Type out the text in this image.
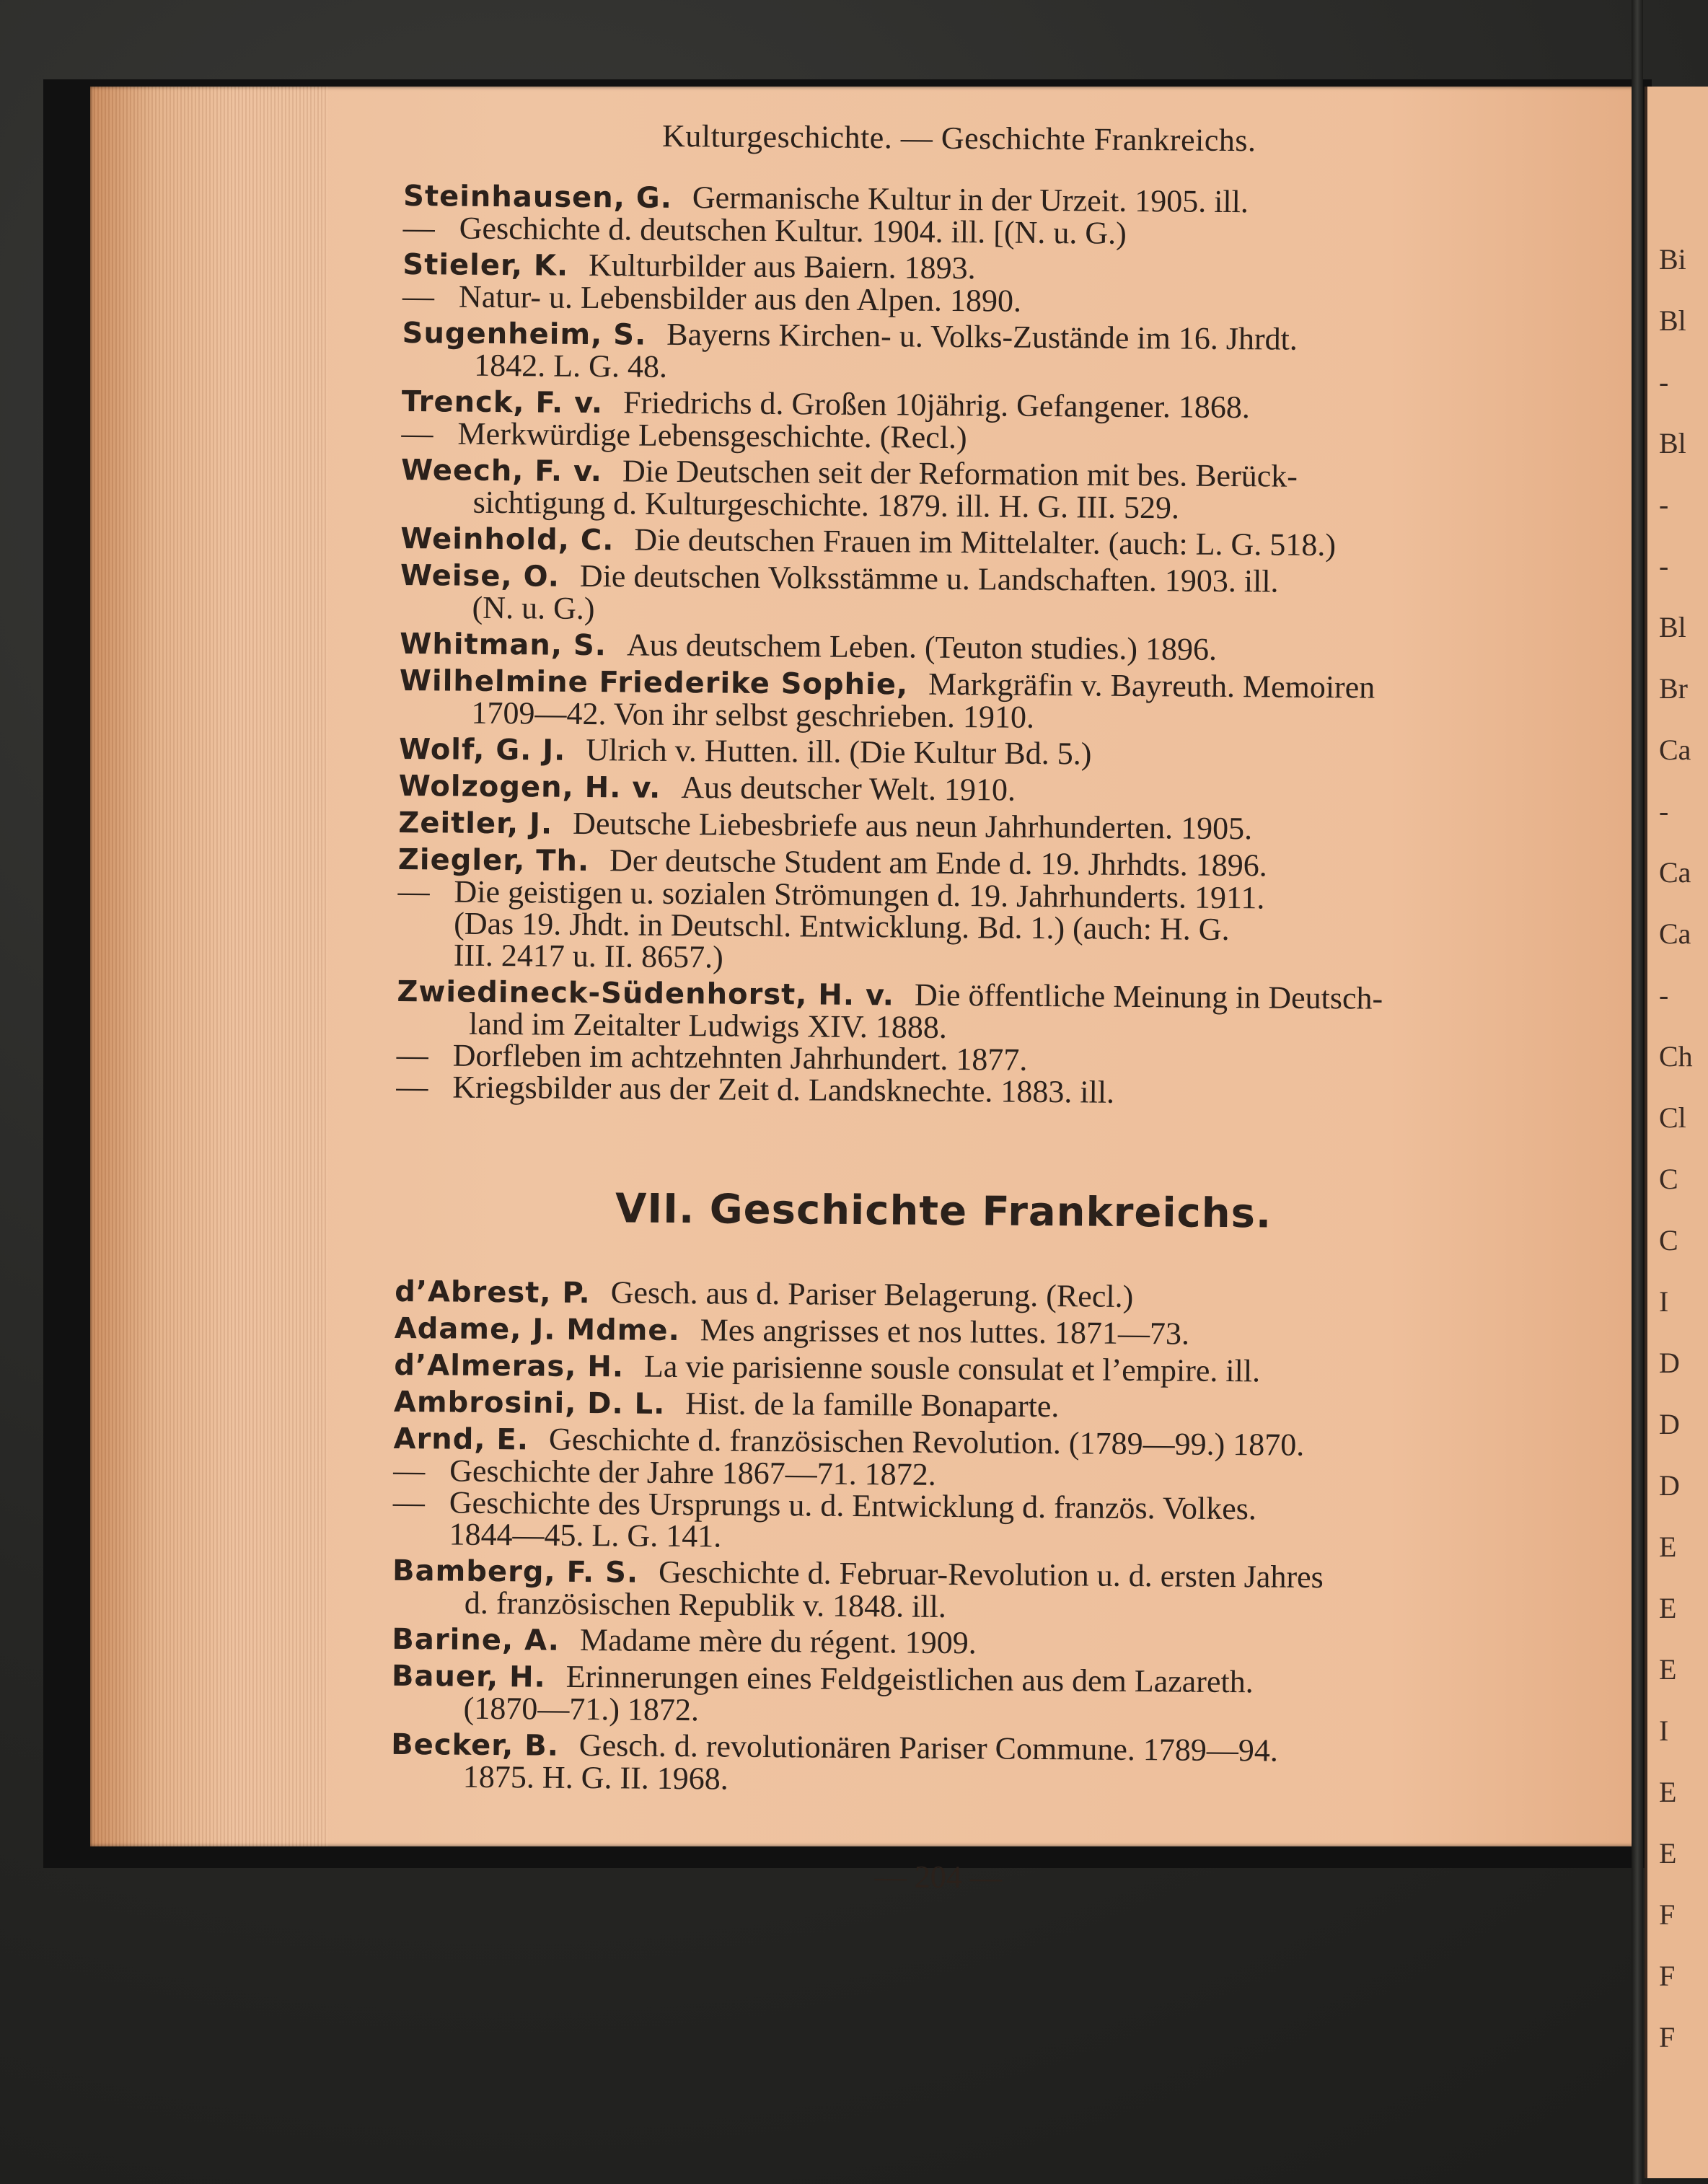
Bi
Bl
-
Bl
-
-
Bl
Br
Ca
-
Ca
Ca
-
Ch
Cl
C
C
I
D
D
D
E
E
E
I
E
E
F
F
F
Kulturgeschichte. — Geschichte Frankreichs.
Steinhausen, G. Germanische Kultur in der Urzeit. 1905. ill.
— Geschichte d. deutschen Kultur. 1904. ill. [(N. u. G.)
Stieler, K. Kulturbilder aus Baiern. 1893.
— Natur- u. Lebensbilder aus den Alpen. 1890.
Sugenheim, S. Bayerns Kirchen- u. Volks-Zustände im 16. Jhrdt.
1842. L. G. 48.
Trenck, F. v. Friedrichs d. Großen 10jährig. Gefangener. 1868.
— Merkwürdige Lebensgeschichte. (Recl.)
Weech, F. v. Die Deutschen seit der Reformation mit bes. Berück-
sichtigung d. Kulturgeschichte. 1879. ill. H. G. III. 529.
Weinhold, C. Die deutschen Frauen im Mittelalter. (auch: L. G. 518.)
Weise, O. Die deutschen Volksstämme u. Landschaften. 1903. ill.
(N. u. G.)
Whitman, S. Aus deutschem Leben. (Teuton studies.) 1896.
Wilhelmine Friederike Sophie, Markgräfin v. Bayreuth. Memoiren
1709—42. Von ihr selbst geschrieben. 1910.
Wolf, G. J. Ulrich v. Hutten. ill. (Die Kultur Bd. 5.)
Wolzogen, H. v. Aus deutscher Welt. 1910.
Zeitler, J. Deutsche Liebesbriefe aus neun Jahrhunderten. 1905.
Ziegler, Th. Der deutsche Student am Ende d. 19. Jhrhdts. 1896.
— Die geistigen u. sozialen Strömungen d. 19. Jahrhunderts. 1911.
(Das 19. Jhdt. in Deutschl. Entwicklung. Bd. 1.) (auch: H. G.
III. 2417 u. II. 8657.)
Zwiedineck-Südenhorst, H. v. Die öffentliche Meinung in Deutsch-
land im Zeitalter Ludwigs XIV. 1888.
— Dorfleben im achtzehnten Jahrhundert. 1877.
— Kriegsbilder aus der Zeit d. Landsknechte. 1883. ill.
VII. Geschichte Frankreichs.
d’Abrest, P. Gesch. aus d. Pariser Belagerung. (Recl.)
Adame, J. Mdme. Mes angrisses et nos luttes. 1871—73.
d’Almeras, H. La vie parisienne sousle consulat et l’empire. ill.
Ambrosini, D. L. Hist. de la famille Bonaparte.
Arnd, E. Geschichte d. französischen Revolution. (1789—99.) 1870.
— Geschichte der Jahre 1867—71. 1872.
— Geschichte des Ursprungs u. d. Entwicklung d. französ. Volkes.
1844—45. L. G. 141.
Bamberg, F. S. Geschichte d. Februar-Revolution u. d. ersten Jahres
d. französischen Republik v. 1848. ill.
Barine, A. Madame mère du régent. 1909.
Bauer, H. Erinnerungen eines Feldgeistlichen aus dem Lazareth.
(1870—71.) 1872.
Becker, B. Gesch. d. revolutionären Pariser Commune. 1789—94.
1875. H. G. II. 1968.
— 204 —
